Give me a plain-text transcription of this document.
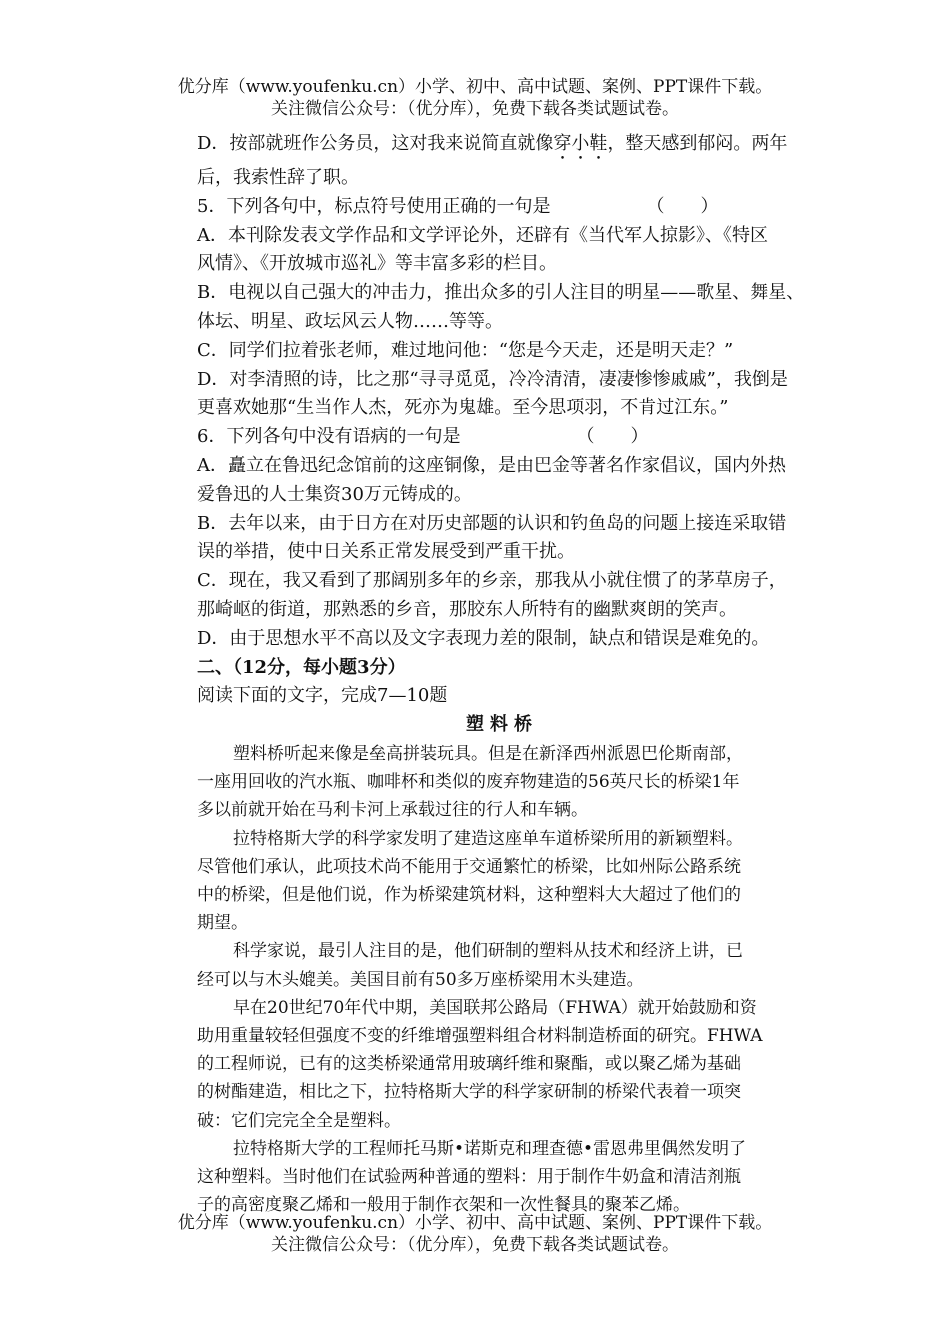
优分库（www.youfenku.cn）小学、初中、高中试题、案例、PPT课件下载。
关注微信公众号：（优分库），免费下载各类试题试卷。
D．按部就班作公务员，这对我来说简直就像穿小鞋，整天感到郁闷。两年
后，我索性辞了职。
5．下列各句中，标点符号使用正确的一句是	（　　）
A．本刊除发表文学作品和文学评论外，还辟有《当代军人掠影》、《特区
风情》、《开放城市巡礼》等丰富多彩的栏目。
B．电视以自己强大的冲击力，推出众多的引人注目的明星——歌星、舞星、
体坛、明星、政坛风云人物……等等。
C．同学们拉着张老师，难过地问他：“您是今天走，还是明天走？”
D．对李清照的诗，比之那“寻寻觅觅，冷冷清清，凄凄惨惨戚戚”，我倒是
更喜欢她那“生当作人杰，死亦为鬼雄。至今思项羽，不肯过江东。”
6．下列各句中没有语病的一句是	（　　）
A．矗立在鲁迅纪念馆前的这座铜像，是由巴金等著名作家倡议，国内外热
爱鲁迅的人士集资30万元铸成的。
B．去年以来，由于日方在对历史部题的认识和钓鱼岛的问题上接连采取错
误的举措，使中日关系正常发展受到严重干扰。
C．现在，我又看到了那阔别多年的乡亲，那我从小就住惯了的茅草房子，
那崎岖的街道，那熟悉的乡音，那胶东人所特有的幽默爽朗的笑声。
D．由于思想水平不高以及文字表现力差的限制，缺点和错误是难免的。
二、（12分，每小题3分）
阅读下面的文字，完成7—10题
塑料桥
塑料桥听起来像是垒高拼装玩具。但是在新泽西州派恩巴伦斯南部，
一座用回收的汽水瓶、咖啡杯和类似的废弃物建造的56英尺长的桥梁1年
多以前就开始在马利卡河上承载过往的行人和车辆。
拉特格斯大学的科学家发明了建造这座单车道桥梁所用的新颖塑料。
尽管他们承认，此项技术尚不能用于交通繁忙的桥梁，比如州际公路系统
中的桥梁，但是他们说，作为桥梁建筑材料，这种塑料大大超过了他们的
期望。
科学家说，最引人注目的是，他们研制的塑料从技术和经济上讲，已
经可以与木头媲美。美国目前有50多万座桥梁用木头建造。
早在20世纪70年代中期，美国联邦公路局（FHWA）就开始鼓励和资
助用重量较轻但强度不变的纤维增强塑料组合材料制造桥面的研究。FHWA
的工程师说，已有的这类桥梁通常用玻璃纤维和聚酯，或以聚乙烯为基础
的树酯建造，相比之下，拉特格斯大学的科学家研制的桥梁代表着一项突
破：它们完完全全是塑料。
拉特格斯大学的工程师托马斯•诺斯克和理查德•雷恩弗里偶然发明了
这种塑料。当时他们在试验两种普通的塑料：用于制作牛奶盒和清洁剂瓶
子的高密度聚乙烯和一般用于制作衣架和一次性餐具的聚苯乙烯。
优分库（www.youfenku.cn）小学、初中、高中试题、案例、PPT课件下载。
关注微信公众号：（优分库），免费下载各类试题试卷。
